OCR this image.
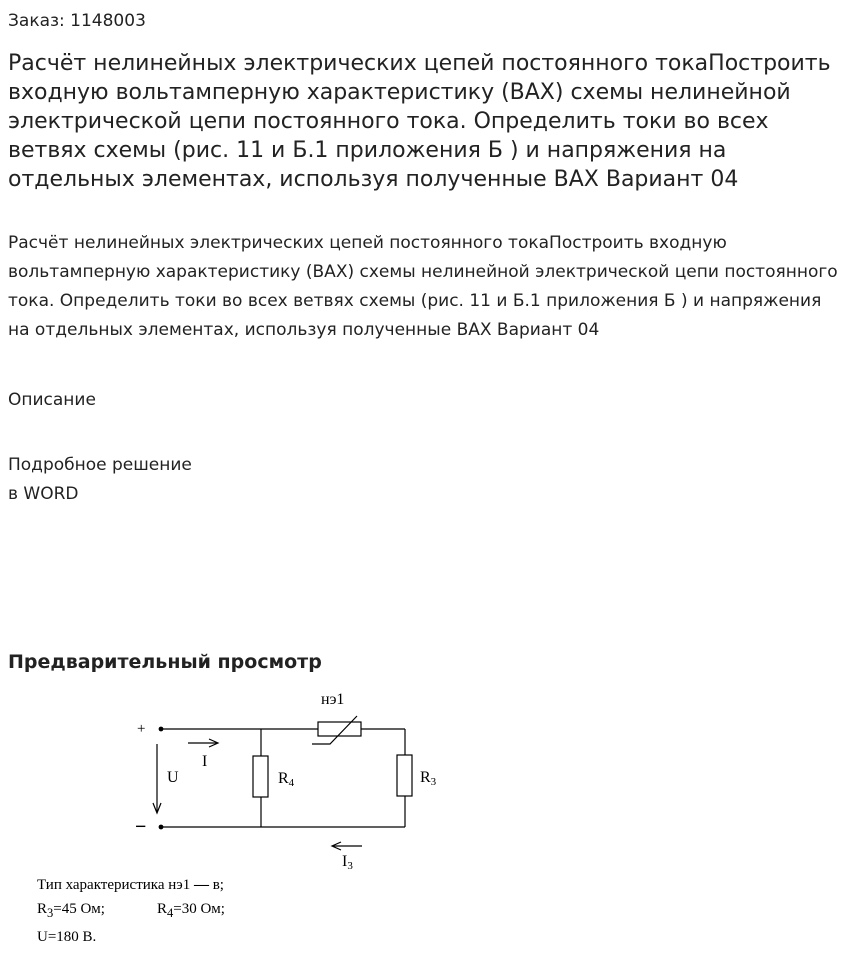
Заказ: 1148003
Расчёт нелинейных электрических цепей постоянного токаПостроить входную вольтамперную характеристику (ВАХ) схемы нелинейной электрической цепи постоянного тока. Определить токи во всех ветвях схемы (рис. 11 и Б.1 приложения Б ) и напряжения на отдельных элементах, используя полученные ВАХ Вариант 04
Расчёт нелинейных электрических цепей постоянного токаПостроить входную вольтамперную характеристику (ВАХ) схемы нелинейной электрической цепи постоянного тока. Определить токи во всех ветвях схемы (рис. 11 и Б.1 приложения Б ) и напряжения на отдельных элементах, используя полученные ВАХ Вариант 04
Описание
Подробное решение
в WORD
Предварительный просмотр
+
−
U
I
нэ1
R4	R3
I3
Тип характеристика нэ1 — в;
$R_3=45$ Ом;	$R_4=30$ Ом;
U=180 В.
